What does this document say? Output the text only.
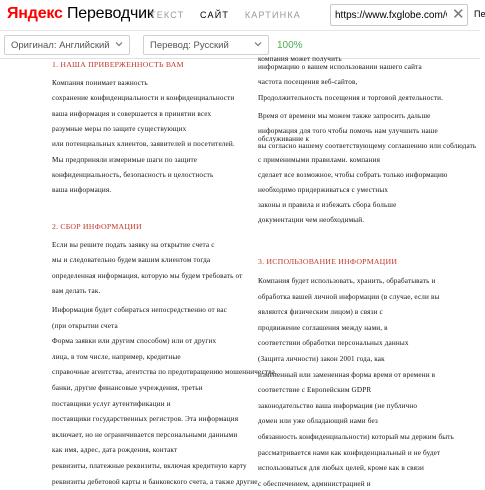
Яндекс Переводчик
ТЕКСТ САЙТ КАРТИНКА
https://www.fxglobe.com/wp-con	✕ Пе
Оригинал: Английский	Перевод: Русский	100%
1. НАША ПРИВЕРЖЕННОСТЬ ВАМ
Компания понимает важность
сохранение конфиденциальности и конфиденциальности
ваша информация и совершается в принятии всех
разумные меры по защите существующих
или потенциальных клиентов, заявителей и посетителей.
Мы предприняли измеримые шаги по защите
конфиденциальность, безопасность и целостность
ваша информация.
2. СБОР ИНФОРМАЦИИ
Если вы решите подать заявку на открытие счета с
мы и следовательно будем вашим клиентом тогда
определенная информация, которую мы будем требовать от
вам делать так.
Информация будет собираться непосредственно от вас
(при открытии счета
Форма заявки или другим способом) или от других
лица, в том числе, например, кредитные
справочные агентства, агентства по предотвращению мошенничества,
банки, другие финансовые учреждения, третьи
поставщики услуг аутентификации и
поставщики государственных регистров. Эта информация
включает, но не ограничивается персональными данными
как имя, адрес, дата рождения, контакт
реквизиты, платежные реквизиты, включая кредитную карту
реквизиты дебетовой карты и банковского счета, а также другие
компания может получить
информацию о вашем использовании нашего сайта
частота посещения веб-сайтов,
Продолжительность посещения и торговой деятельности.
Время от времени мы можем также запросить дальше
информация для того чтобы помочь нам улучшить наше
обслуживание к
вы согласно нашему соответствующему соглашению или соблюдать
с применимыми правилами. компания
сделает все возможное, чтобы собрать только информацию
необходимо придерживаться с уместных
законы и правила и избежать сбора больше
документации чем необходимый.
3. ИСПОЛЬЗОВАНИЕ ИНФОРМАЦИИ
Компания будет использовать, хранить, обрабатывать и
обработка вашей личной информации (в случае, если вы
являются физическим лицом) в связи с
продвижение соглашения между нами, в
соответствии обработки персональных данных
(Защита личности) закон 2001 года, как
измененный или замененная форма время от времени в
соответствие с Европейским GDPR
законодательство ваша информация (не публично
домен или уже обладающий нами без
обязанность конфиденциальности) который мы держим быть
рассматривается нами как конфиденциальный и не будет
использоваться для любых целей, кроме как в связи
с обеспечением, администрацией и
